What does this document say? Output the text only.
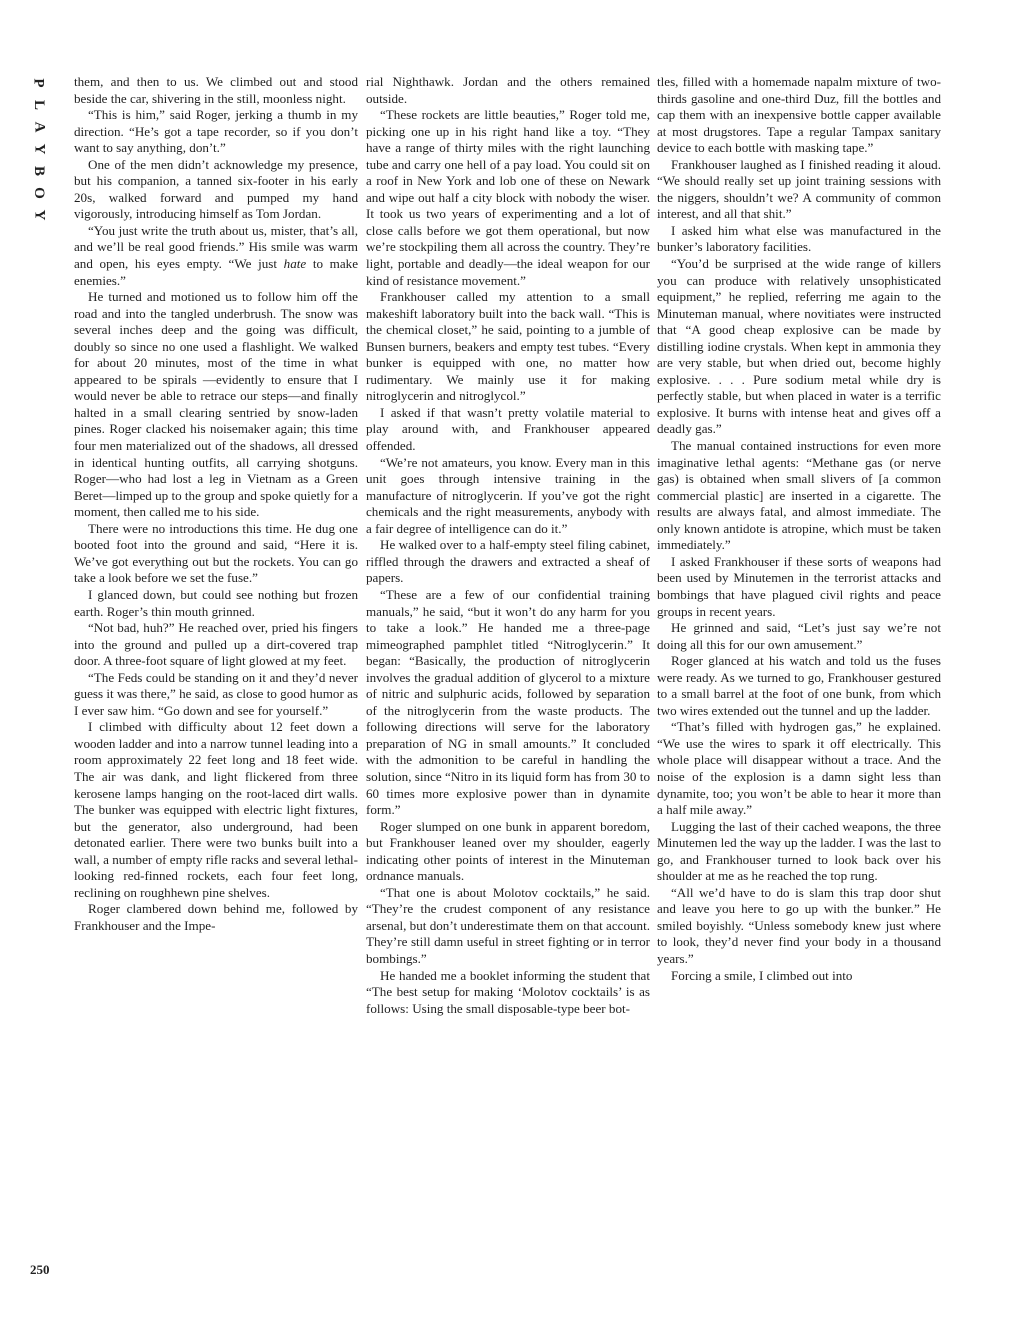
P
L
A
Y
B
O
Y

them, and then to us. We climbed out and stood beside the car, shivering in the still, moonless night.

“This is him,” said Roger, jerking a thumb in my direction. “He’s got a tape recorder, so if you don’t want to say anything, don’t.”

One of the men didn’t acknowledge my presence, but his companion, a tanned six-footer in his early 20s, walked forward and pumped my hand vigorously, introducing himself as Tom Jordan.

“You just write the truth about us, mister, that’s all, and we’ll be real good friends.” His smile was warm and open, his eyes empty. “We just hate to make enemies.”

He turned and motioned us to follow him off the road and into the tangled underbrush. The snow was several inches deep and the going was difficult, doubly so since no one used a flashlight. We walked for about 20 minutes, most of the time in what appeared to be spirals —evidently to ensure that I would never be able to retrace our steps—and finally halted in a small clearing sentried by snow-laden pines. Roger clacked his noisemaker again; this time four men materialized out of the shadows, all dressed in identical hunting outfits, all carrying shotguns. Roger—who had lost a leg in Vietnam as a Green Beret—limped up to the group and spoke quietly for a moment, then called me to his side.

There were no introductions this time. He dug one booted foot into the ground and said, “Here it is. We’ve got everything out but the rockets. You can go take a look before we set the fuse.”

I glanced down, but could see nothing but frozen earth. Roger’s thin mouth grinned.

“Not bad, huh?” He reached over, pried his fingers into the ground and pulled up a dirt-covered trap door. A three-foot square of light glowed at my feet.

“The Feds could be standing on it and they’d never guess it was there,” he said, as close to good humor as I ever saw him. “Go down and see for yourself.”

I climbed with difficulty about 12 feet down a wooden ladder and into a narrow tunnel leading into a room approximately 22 feet long and 18 feet wide. The air was dank, and light flickered from three kerosene lamps hanging on the root-laced dirt walls. The bunker was equipped with electric light fixtures, but the generator, also underground, had been detonated earlier. There were two bunks built into a wall, a number of empty rifle racks and several lethal-looking red-finned rockets, each four feet long, reclining on roughhewn pine shelves.

Roger clambered down behind me, followed by Frankhouser and the Impe-

rial Nighthawk. Jordan and the others remained outside.

“These rockets are little beauties,” Roger told me, picking one up in his right hand like a toy. “They have a range of thirty miles with the right launching tube and carry one hell of a pay load. You could sit on a roof in New York and lob one of these on Newark and wipe out half a city block with nobody the wiser. It took us two years of experimenting and a lot of close calls before we got them operational, but now we’re stockpiling them all across the country. They’re light, portable and deadly—the ideal weapon for our kind of resistance movement.”

Frankhouser called my attention to a small makeshift laboratory built into the back wall. “This is the chemical closet,” he said, pointing to a jumble of Bunsen burners, beakers and empty test tubes. “Every bunker is equipped with one, no matter how rudimentary. We mainly use it for making nitroglycerin and nitroglycol.”

I asked if that wasn’t pretty volatile material to play around with, and Frankhouser appeared offended.

“We’re not amateurs, you know. Every man in this unit goes through intensive training in the manufacture of nitroglycerin. If you’ve got the right chemicals and the right measurements, anybody with a fair degree of intelligence can do it.”

He walked over to a half-empty steel filing cabinet, riffled through the drawers and extracted a sheaf of papers.

“These are a few of our confidential training manuals,” he said, “but it won’t do any harm for you to take a look.” He handed me a three-page mimeographed pamphlet titled “Nitroglycerin.” It began: “Basically, the production of nitroglycerin involves the gradual addition of glycerol to a mixture of nitric and sulphuric acids, followed by separation of the nitroglycerin from the waste products. The following directions will serve for the laboratory preparation of NG in small amounts.” It concluded with the admonition to be careful in handling the solution, since “Nitro in its liquid form has from 30 to 60 times more explosive power than in dynamite form.”

Roger slumped on one bunk in apparent boredom, but Frankhouser leaned over my shoulder, eagerly indicating other points of interest in the Minuteman ordnance manuals.

“That one is about Molotov cocktails,” he said. “They’re the crudest component of any resistance arsenal, but don’t underestimate them on that account. They’re still damn useful in street fighting or in terror bombings.”

He handed me a booklet informing the student that “The best setup for making ‘Molotov cocktails’ is as follows: Using the small disposable-type beer bot-

tles, filled with a homemade napalm mixture of two-thirds gasoline and one-third Duz, fill the bottles and cap them with an inexpensive bottle capper available at most drugstores. Tape a regular Tampax sanitary device to each bottle with masking tape.”

Frankhouser laughed as I finished reading it aloud. “We should really set up joint training sessions with the niggers, shouldn’t we? A community of common interest, and all that shit.”

I asked him what else was manufactured in the bunker’s laboratory facilities.

“You’d be surprised at the wide range of killers you can produce with relatively unsophisticated equipment,” he replied, referring me again to the Minuteman manual, where novitiates were instructed that “A good cheap explosive can be made by distilling iodine crystals. When kept in ammonia they are very stable, but when dried out, become highly explosive. . . . Pure sodium metal while dry is perfectly stable, but when placed in water is a terrific explosive. It burns with intense heat and gives off a deadly gas.”

The manual contained instructions for even more imaginative lethal agents: “Methane gas (or nerve gas) is obtained when small slivers of [a common commercial plastic] are inserted in a cigarette. The results are always fatal, and almost immediate. The only known antidote is atropine, which must be taken immediately.”

I asked Frankhouser if these sorts of weapons had been used by Minutemen in the terrorist attacks and bombings that have plagued civil rights and peace groups in recent years.

He grinned and said, “Let’s just say we’re not doing all this for our own amusement.”

Roger glanced at his watch and told us the fuses were ready. As we turned to go, Frankhouser gestured to a small barrel at the foot of one bunk, from which two wires extended out the tunnel and up the ladder.

“That’s filled with hydrogen gas,” he explained. “We use the wires to spark it off electrically. This whole place will disappear without a trace. And the noise of the explosion is a damn sight less than dynamite, too; you won’t be able to hear it more than a half mile away.”

Lugging the last of their cached weapons, the three Minutemen led the way up the ladder. I was the last to go, and Frankhouser turned to look back over his shoulder at me as he reached the top rung.

“All we’d have to do is slam this trap door shut and leave you here to go up with the bunker.” He smiled boyishly. “Unless somebody knew just where to look, they’d never find your body in a thousand years.”

Forcing a smile, I climbed out into

250
